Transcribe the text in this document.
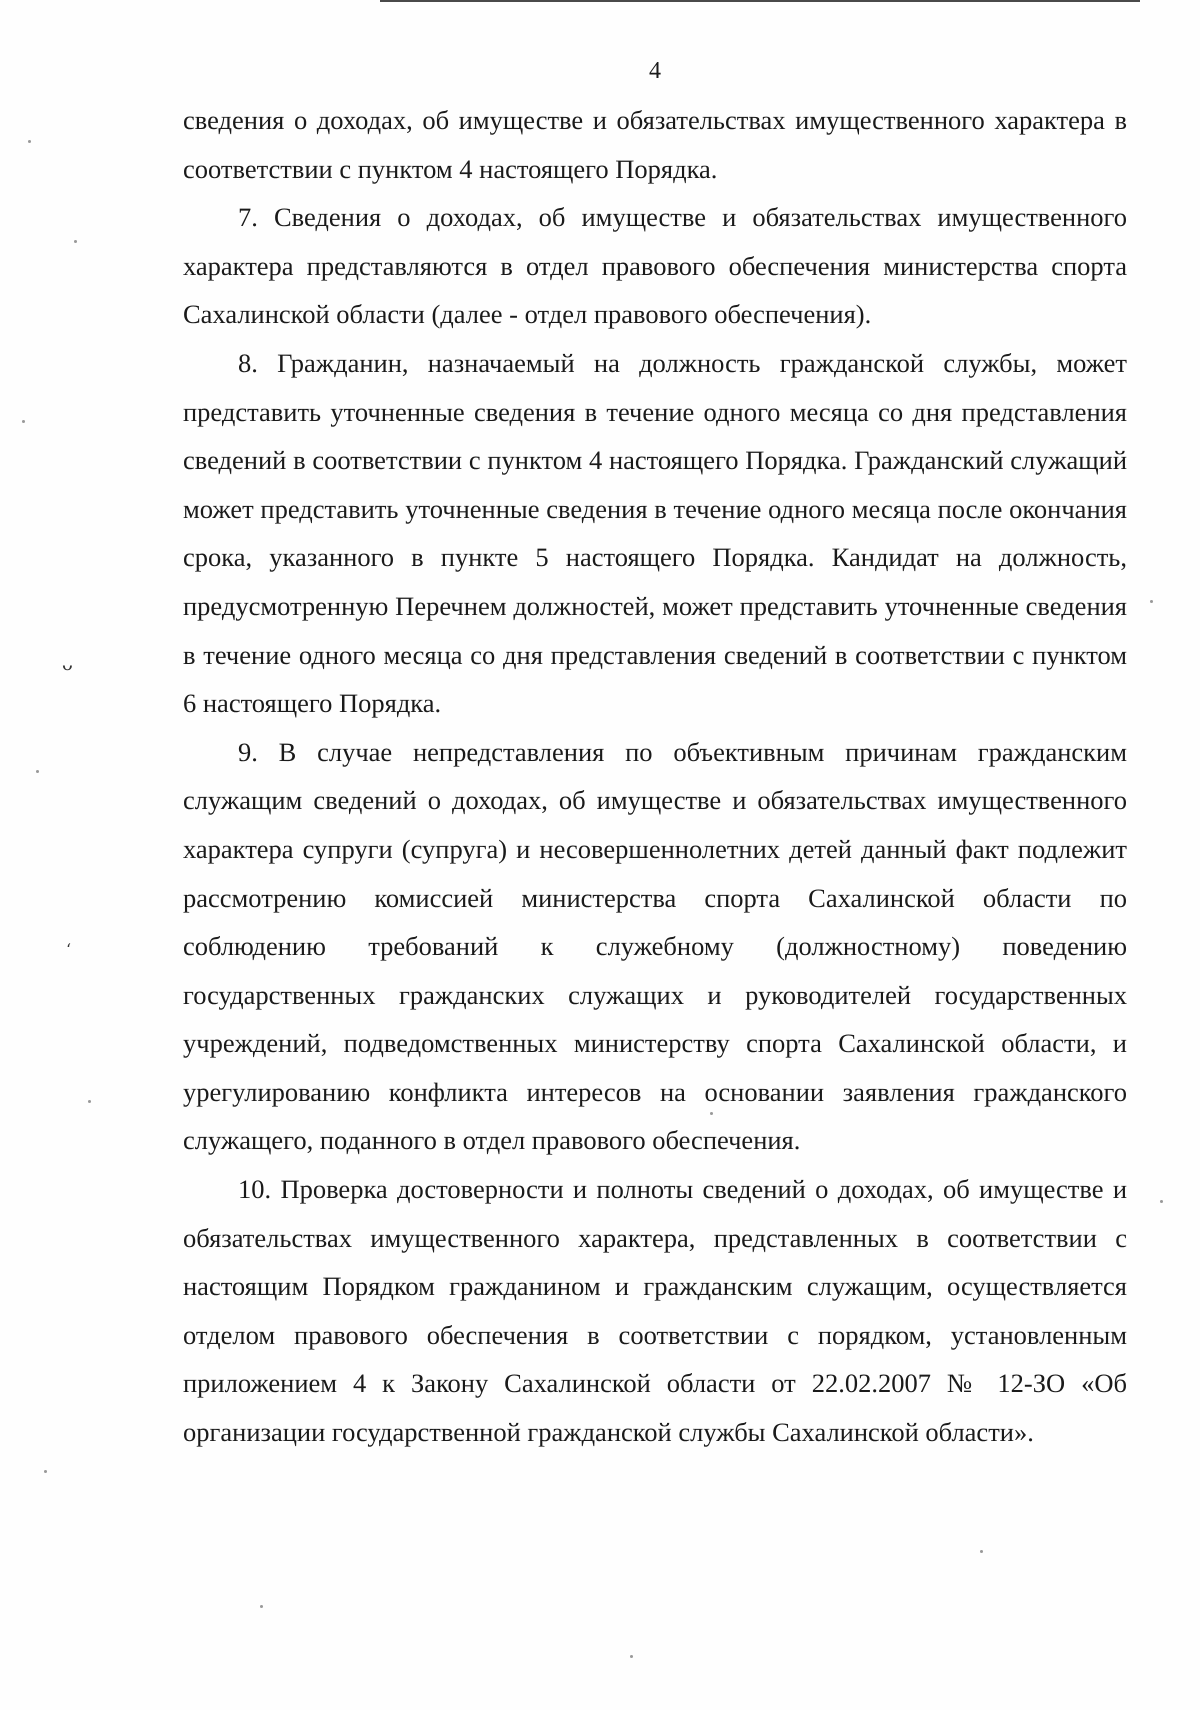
4

сведения о доходах, об имуществе и обязательствах имущественного характера в соответствии с пунктом 4 настоящего Порядка.

7. Сведения о доходах, об имуществе и обязательствах имущественного характера представляются в отдел правового обеспечения министерства спорта Сахалинской области (далее - отдел правового обеспечения).

8. Гражданин, назначаемый на должность гражданской службы, может представить уточненные сведения в течение одного месяца со дня представления сведений в соответствии с пунктом 4 настоящего Порядка. Гражданский служащий может представить уточненные сведения в течение одного месяца после окончания срока, указанного в пункте 5 настоящего Порядка. Кандидат на должность, предусмотренную Перечнем должностей, может представить уточненные сведения в течение одного месяца со дня представления сведений в соответствии с пунктом 6 настоящего Порядка.

9. В случае непредставления по объективным причинам гражданским служащим сведений о доходах, об имуществе и обязательствах имущественного характера супруги (супруга) и несовершеннолетних детей данный факт подлежит рассмотрению комиссией министерства спорта Сахалинской области по соблюдению требований к служебному (должностному) поведению государственных гражданских служащих и руководителей государственных учреждений, подведомственных министерству спорта Сахалинской области, и урегулированию конфликта интересов на основании заявления гражданского служащего, поданного в отдел правового обеспечения.

10. Проверка достоверности и полноты сведений о доходах, об имуществе и обязательствах имущественного характера, представленных в соответствии с настоящим Порядком гражданином и гражданским служащим, осуществляется отделом правового обеспечения в соответствии с порядком, установленным приложением 4 к Закону Сахалинской области от 22.02.2007 № 12-ЗО «Об организации государственной гражданской службы Сахалинской области».

ᴗ
ʻ
